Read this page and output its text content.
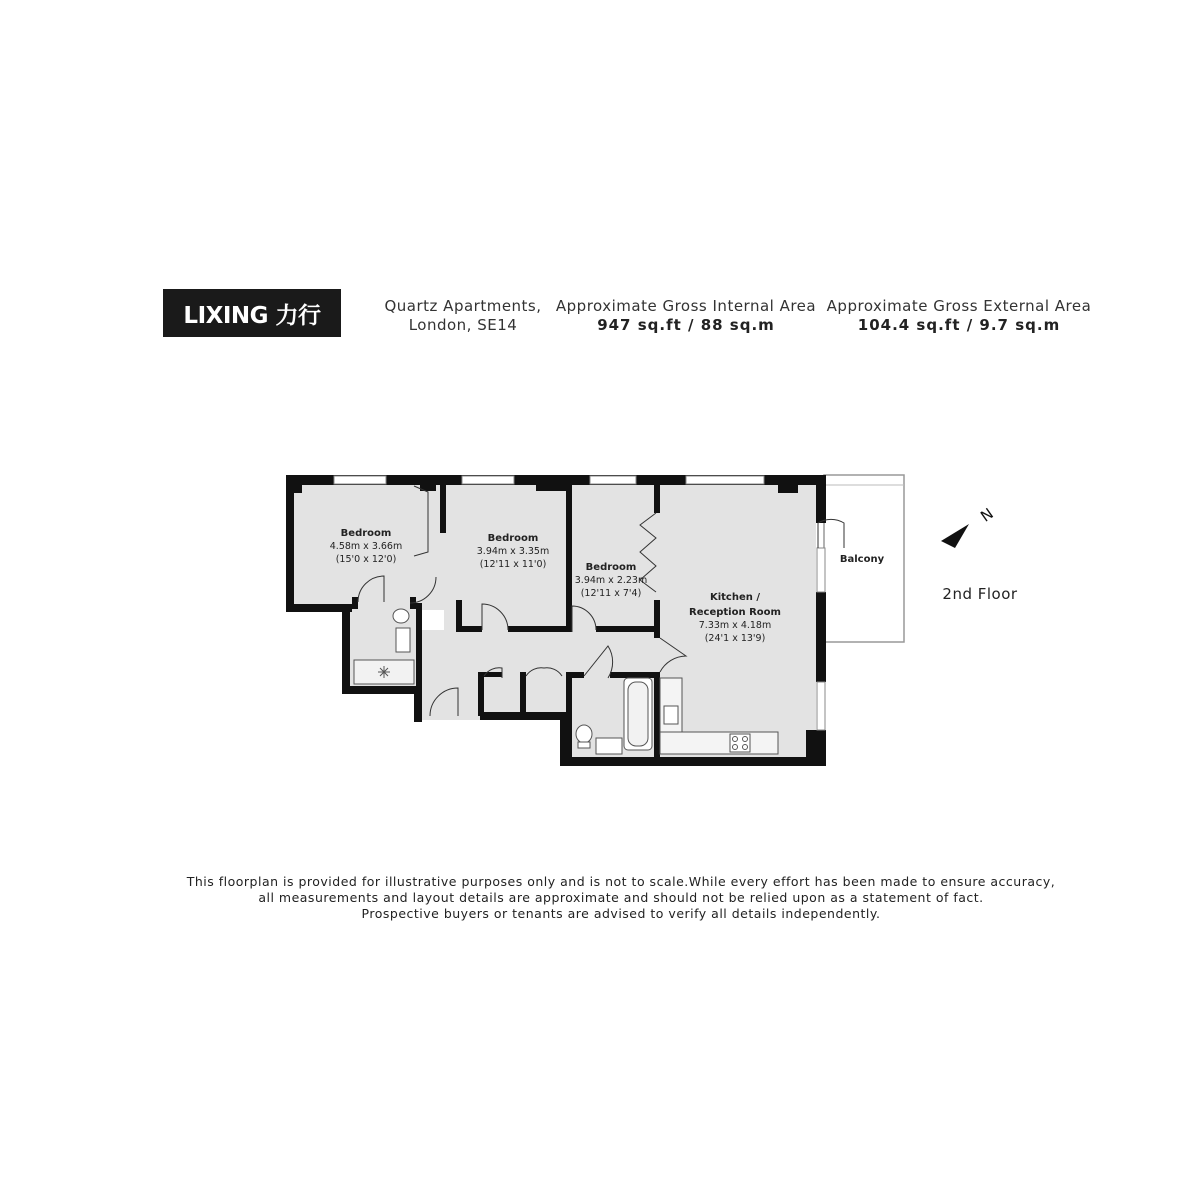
LIXING 力行	Quartz Apartments,
London, SE14
Approximate Gross Internal Area
947 sq.ft / 88 sq.m
Approximate Gross External Area
104.4 sq.ft / 9.7 sq.m
Bedroom
4.58m x 3.66m
(15'0 x 12'0)
Bedroom
3.94m x 3.35m
(12'11 x 11'0)	Bedroom
3.94m x 2.23m
(12'11 x 7'4)	Kitchen /
Reception Room
7.33m x 4.18m
(24'1 x 13'9)
Balcony
N
2nd Floor
This floorplan is provided for illustrative purposes only and is not to scale.While every effort has been made to ensure accuracy,
all measurements and layout details are approximate and should not be relied upon as a statement of fact.
Prospective buyers or tenants are advised to verify all details independently.
